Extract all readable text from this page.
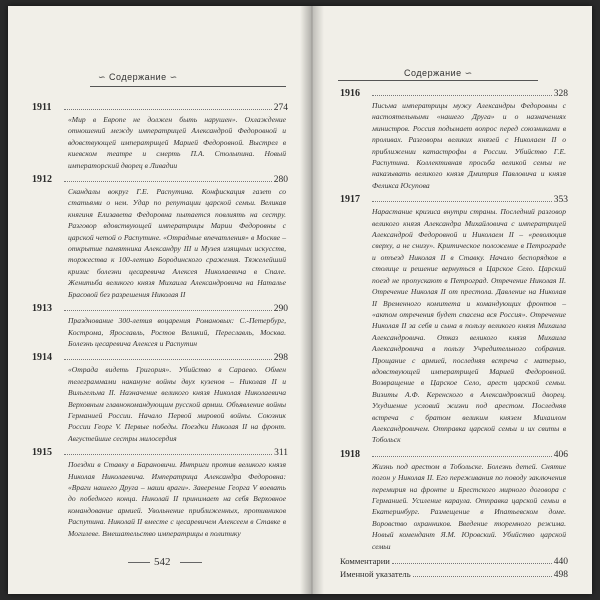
∽ Содержание ∽
1911	274
«Мир в Европе не должен быть нарушен». Охлаждение отношений между императрицей Александрой Федоровной и вдовствующей императрицей Марией Федоровной. Выстрел в киевском театре и смерть П.А. Столыпина. Новый императорский дворец в Ливадии
1912	280
Скандалы вокруг Г.Е. Распутина. Конфискация газет со статьями о нем. Удар по репутации царской семьи. Великая княгиня Елизавета Федоровна пытается повлиять на сестру. Разговор вдовствующей императрицы Марии Федоровны с царской четой о Распутине. «Отрадные впечатления» в Москве – открытие памятника Александру III и Музея изящных искусств, торжества к 100-летию Бородинского сражения. Тяжелейший кризис болезни цесаревича Алексея Николаевича в Спале. Женитьба великого князя Михаила Александровича на Наталье Брасовой без разрешения Николая II
1913	290
Празднование 300-летия воцарения Романовых: С.-Петербург, Кострома, Ярославль, Ростов Великий, Переславль, Москва. Болезнь цесаревича Алексея и Распутин
1914	298
«Отрада видеть Григория». Убийство в Сараево. Обмен телеграммами накануне войны двух кузенов – Николая II и Вильгельма II. Назначение великого князя Николая Николаевича Верховным главнокомандующим русской армии. Объявление войны Германией России. Начало Первой мировой войны. Союзник России Георг V. Первые победы. Поездки Николая II на фронт. Августейшие сестры милосердия
1915	311
Поездки в Ставку в Барановичи. Интриги против великого князя Николая Николаевича. Императрица Александра Федоровна: «Враги нашего Друга – наши враги». Заверение Георга V воевать до победного конца. Николай II принимает на себя Верховное командование армией. Увольнение приближенных, противников Распутина. Николай II вместе с цесаревичем Алексеем в Ставке в Могилеве. Вмешательство императрицы в политику
542
Содержание ∽
1916	328
Письма императрицы мужу Александры Федоровны с настоятельными «нашего Друга» и о назначениях министров. Россия подымает вопрос перед союзниками в проливах. Разговоры великих князей с Николаем II о приближении катастрофы в России. Убийство Г.Е. Распутина. Коллективная просьба великой семьи не наказывать великого князя Дмитрия Павловича и князя Феликса Юсупова
1917	353
Нарастание кризиса внутри страны. Последний разговор великого князя Александра Михайловича с императрицей Александрой Федоровной и Николаем II – «революция сверху, а не снизу». Критическое положение в Петрограде и отъезд Николая II в Ставку. Начало беспорядков в столице и решение вернуться в Царское Село. Царский поезд не пропускают в Петроград. Отречение Николая II. Отречение Николая II от престола. Давление на Николая II Временного комитета и командующих фронтов – «актом отречения будет спасена вся Россия». Отречение Николая II за себя и сына в пользу великого князя Михаила Александровича. Отказ великого князя Михаила Александровича в пользу Учредительного собрания. Прощание с армией, последняя встреча с матерью, вдовствующей императрицей Марией Федоровной. Возвращение в Царское Село, арест царской семьи. Визиты А.Ф. Керенского в Александровский дворец. Ухудшение условий жизни под арестом. Последняя встреча с братом великим князем Михаилом Александровичем. Отправка царской семьи и их свиты в Тобольск
1918	406
Жизнь под арестом в Тобольске. Болезнь детей. Снятие погон у Николая II. Его переживания по поводу заключения перемирия на фронте и Брестского мирного договора с Германией. Усиление караула. Отправка царской семьи в Екатеринбург. Размещение в Ипатьевском доме. Воровство охранников. Введение тюремного режима. Новый комендант Я.М. Юровский. Убийство царской семьи
Комментарии	440
Именной указатель	498
